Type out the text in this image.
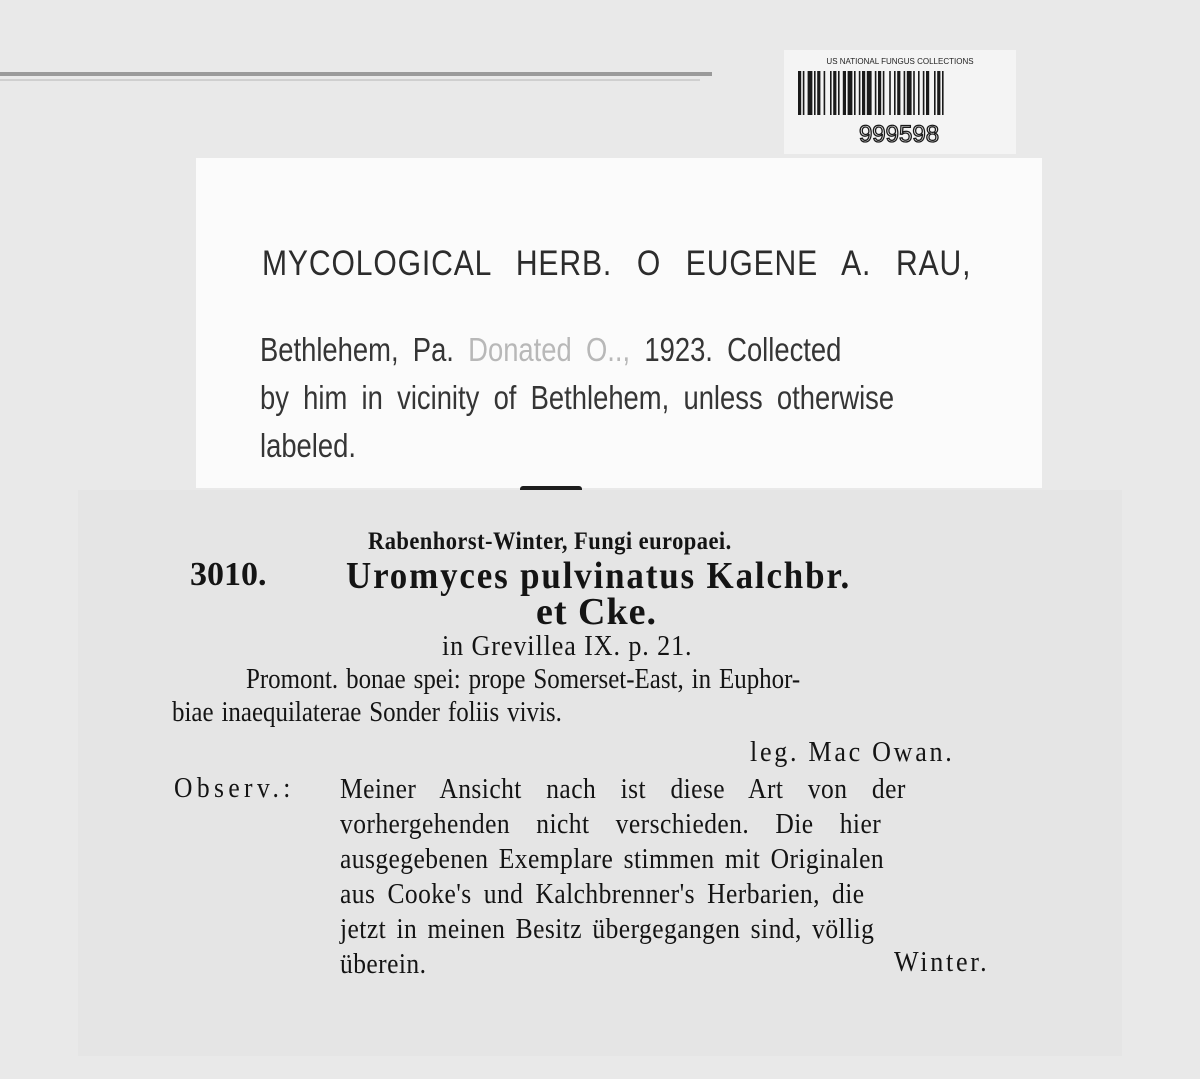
US NATIONAL FUNGUS COLLECTIONS
999598
MYCOLOGICAL HERB. O EUGENE A. RAU,
Bethlehem, Pa. Donated O.., 1923. Collected
by him in vicinity of Bethlehem, unless otherwise
labeled.
Rabenhorst-Winter, Fungi europaei.
3010. Uromyces pulvinatus Kalchbr.
et Cke.
in Grevillea IX. p. 21.
Promont. bonae spei: prope Somerset-East, in Euphor-
biae inaequilaterae Sonder foliis vivis.
leg. Mac Owan.
Observ.: Meiner Ansicht nach ist diese Art von der
vorhergehenden nicht verschieden. Die hier
ausgegebenen Exemplare stimmen mit Originalen
aus Cooke's und Kalchbrenner's Herbarien, die
jetzt in meinen Besitz übergegangen sind, völlig
überein.	Winter.
